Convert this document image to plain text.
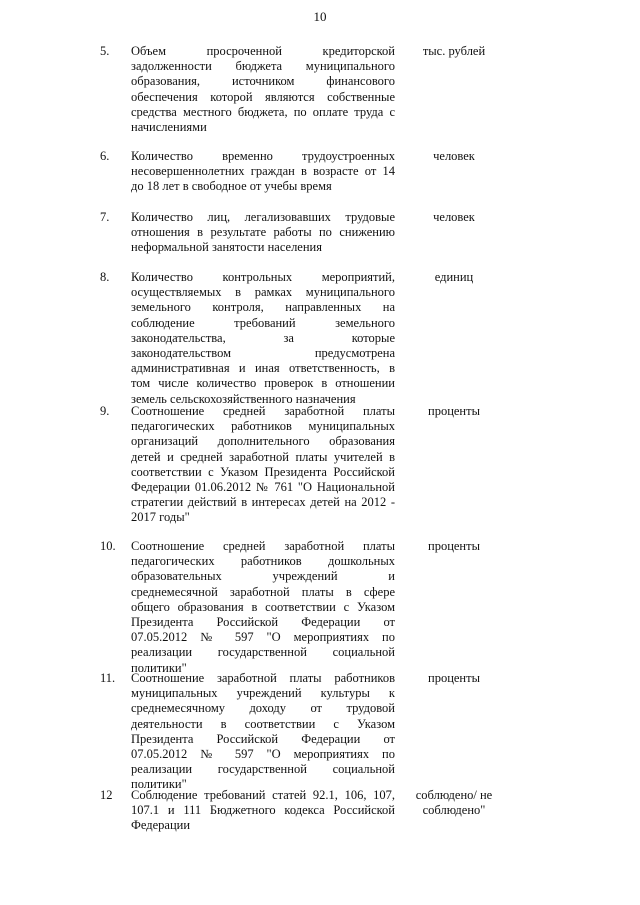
10
5.	Объем просроченной кредиторской
задолженности бюджета муниципального
образования, источником финансового
обеспечения которой являются собственные
средства местного бюджета, по оплате труда с
начислениями
тыс. рублей
6.	Количество временно трудоустроенных
несовершеннолетних граждан в возрасте от 14
до 18 лет в свободное от учебы время
человек
7.	Количество лиц, легализовавших трудовые
отношения в результате работы по снижению
неформальной занятости населения
человек
8.	Количество контрольных мероприятий,
осуществляемых в рамках муниципального
земельного контроля, направленных на
соблюдение требований земельного
законодательства, за которые
законодательством предусмотрена
административная и иная ответственность, в
том числе количество проверок в отношении
земель сельскохозяйственного назначения
единиц
9.	Соотношение средней заработной платы
педагогических работников муниципальных
организаций дополнительного образования
детей и средней заработной платы учителей в
соответствии с Указом Президента Российской
Федерации 01.06.2012 № 761 "О Национальной
стратегии действий в интересах детей на 2012 -
2017 годы"
проценты
10.	Соотношение средней заработной платы
педагогических работников дошкольных
образовательных учреждений и
среднемесячной заработной платы в сфере
общего образования в соответствии с Указом
Президента Российской Федерации от
07.05.2012 № 597 "О мероприятиях по
реализации государственной социальной
политики"
проценты
11.	Соотношение заработной платы работников
муниципальных учреждений культуры к
среднемесячному доходу от трудовой
деятельности в соответствии с Указом
Президента Российской Федерации от
07.05.2012 № 597 "О мероприятиях по
реализации государственной социальной
политики"
проценты
12	Соблюдение требований статей 92.1, 106, 107,
107.1 и 111 Бюджетного кодекса Российской
Федерации
соблюдено/ не соблюдено"
